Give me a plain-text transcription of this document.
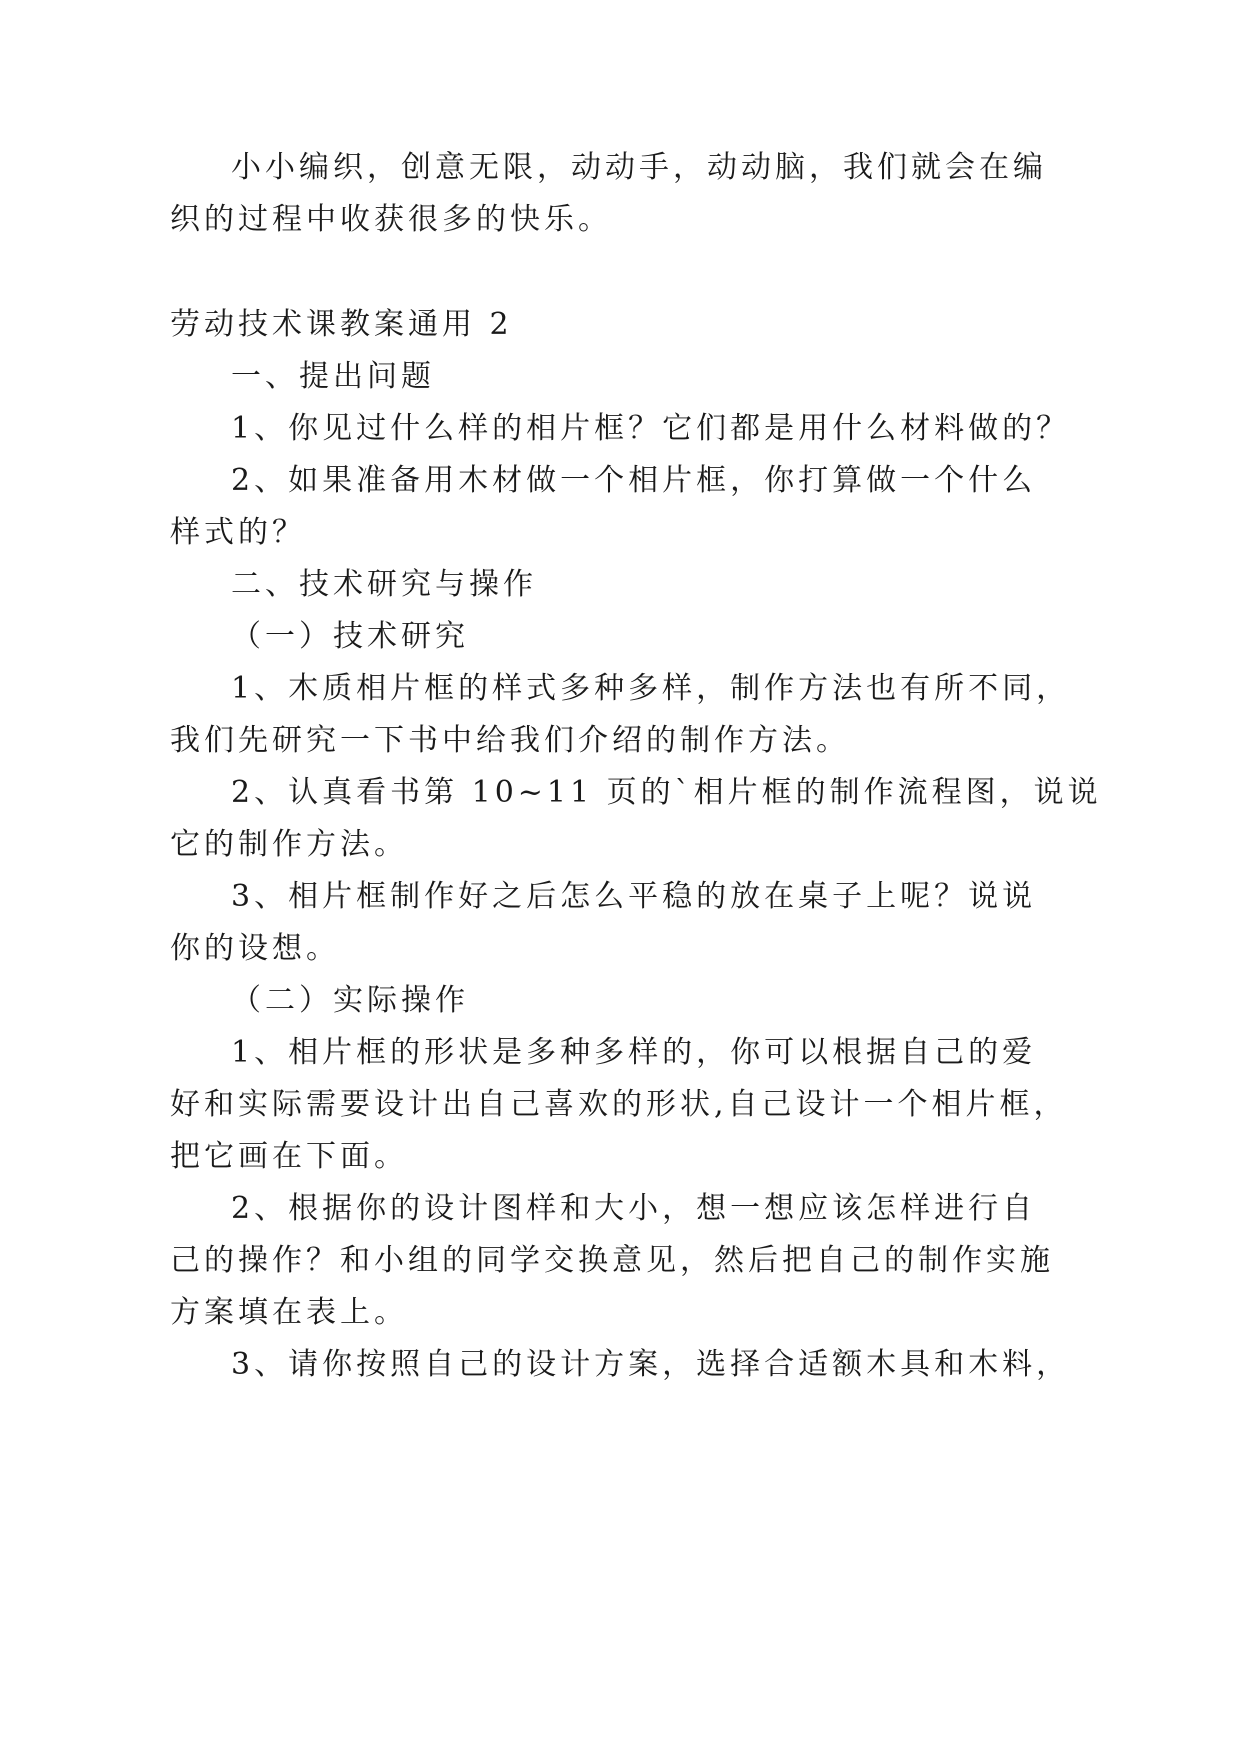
小小编织，创意无限，动动手，动动脑，我们就会在编
织的过程中收获很多的快乐。
劳动技术课教案通用 2
一、提出问题
1、你见过什么样的相片框？它们都是用什么材料做的？
2、如果准备用木材做一个相片框，你打算做一个什么
样式的？
二、技术研究与操作
（一）技术研究
1、木质相片框的样式多种多样，制作方法也有所不同，
我们先研究一下书中给我们介绍的制作方法。
2、认真看书第 10~11 页的`相片框的制作流程图，说说
它的制作方法。
3、相片框制作好之后怎么平稳的放在桌子上呢？说说
你的设想。
（二）实际操作
1、相片框的形状是多种多样的，你可以根据自己的爱
好和实际需要设计出自己喜欢的形状,自己设计一个相片框，
把它画在下面。
2、根据你的设计图样和大小，想一想应该怎样进行自
己的操作？和小组的同学交换意见，然后把自己的制作实施
方案填在表上。
3、请你按照自己的设计方案，选择合适额木具和木料，
